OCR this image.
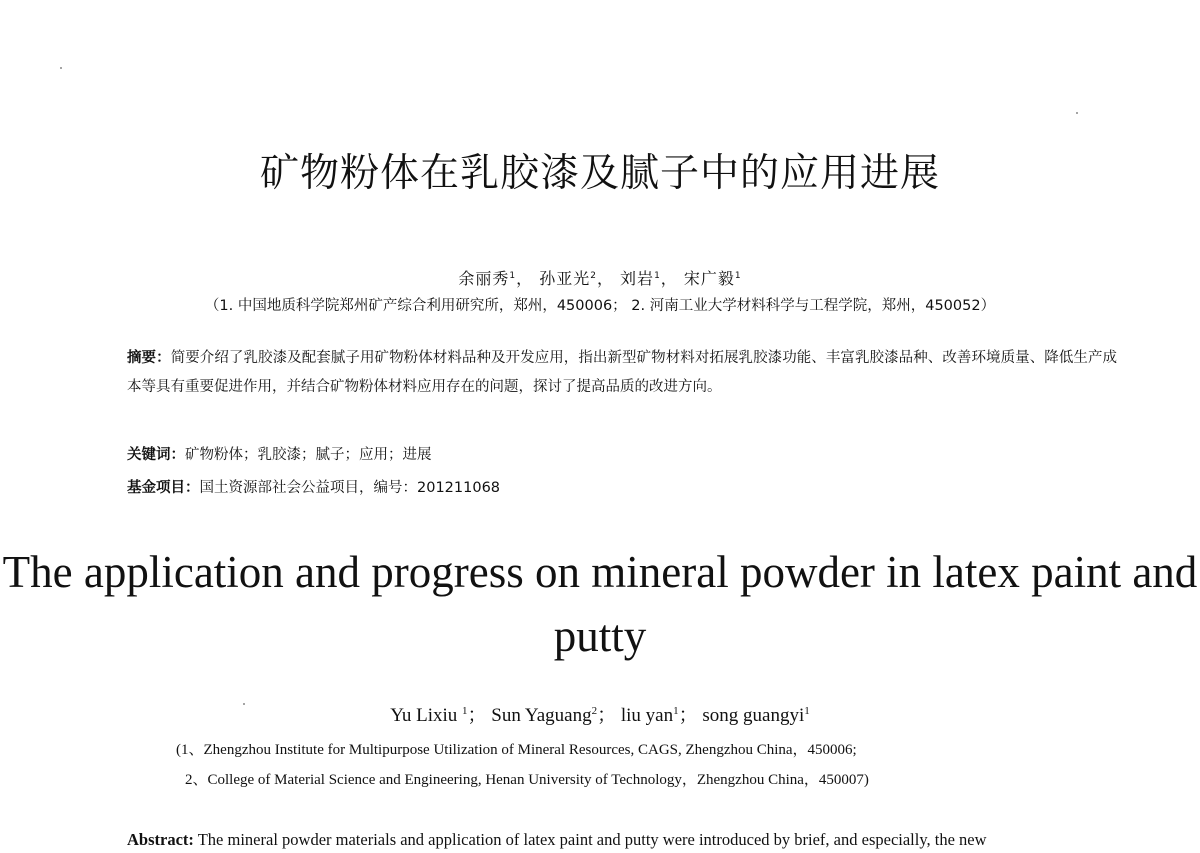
矿物粉体在乳胶漆及腻子中的应用进展
余丽秀$^1$， 孙亚光$^2$， 刘岩$^1$， 宋广毅$^1$
（1. 中国地质科学院郑州矿产综合利用研究所，郑州，450006； 2. 河南工业大学材料科学与工程学院，郑州，450052）
摘要：简要介绍了乳胶漆及配套腻子用矿物粉体材料品种及开发应用，指出新型矿物材料对拓展乳胶漆功能、丰富乳胶漆品种、改善环境质量、降低生产成本等具有重要促进作用，并结合矿物粉体材料应用存在的问题，探讨了提高品质的改进方向。
关键词：矿物粉体；乳胶漆；腻子；应用；进展
基金项目：国土资源部社会公益项目，编号：201211068
The application and progress on mineral powder in latex paint and putty
Yu Lixiu $^1$； Sun Yaguang$^2$； liu yan$^1$； song guangyi$^1$
(1、Zhengzhou Institute for Multipurpose Utilization of Mineral Resources, CAGS, Zhengzhou China，450006;
2、College of Material Science and Engineering, Henan University of Technology，Zhengzhou China，450007)
Abstract: The mineral powder materials and application of latex paint and putty were introduced by brief, and especially, the new
